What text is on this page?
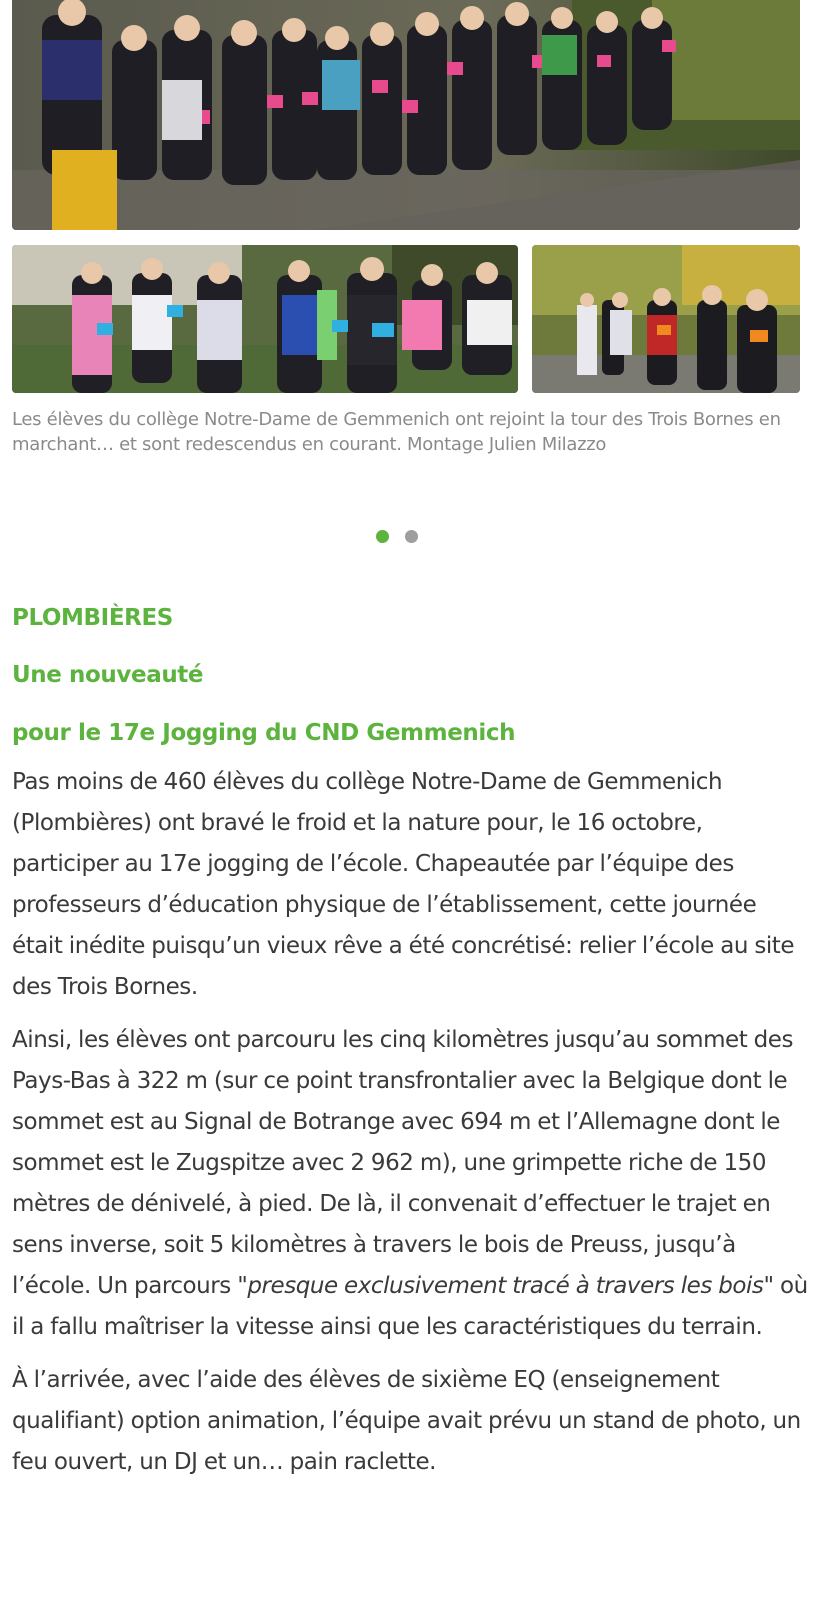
Les élèves du collège Notre-Dame de Gemmenich ont rejoint la tour des Trois Bornes en marchant… et sont redescendus en courant. Montage Julien Milazzo
PLOMBIÈRES
Une nouveauté
pour le 17e Jogging du CND Gemmenich

Pas moins de 460 élèves du collège Notre-Dame de Gemmenich (Plombières) ont bravé le froid et la nature pour, le 16 octobre, participer au 17e jogging de l’école. Chapeautée par l’équipe des professeurs d’éducation physique de l’établissement, cette journée était inédite puisqu’un vieux rêve a été concrétisé: relier l’école au site des Trois Bornes.

Ainsi, les élèves ont parcouru les cinq kilomètres jusqu’au sommet des Pays-Bas à 322 m (sur ce point transfrontalier avec la Belgique dont le sommet est au Signal de Botrange avec 694 m et l’Allemagne dont le sommet est le Zugspitze avec 2 962 m), une grimpette riche de 150 mètres de dénivelé, à pied. De là, il convenait d’effectuer le trajet en sens inverse, soit 5 kilomètres à travers le bois de Preuss, jusqu’à l’école. Un parcours "presque exclusivement tracé à travers les bois" où il a fallu maîtriser la vitesse ainsi que les caractéristiques du terrain.

À l’arrivée, avec l’aide des élèves de sixième EQ (enseignement qualifiant) option animation, l’équipe avait prévu un stand de photo, un feu ouvert, un DJ et un… pain raclette.
